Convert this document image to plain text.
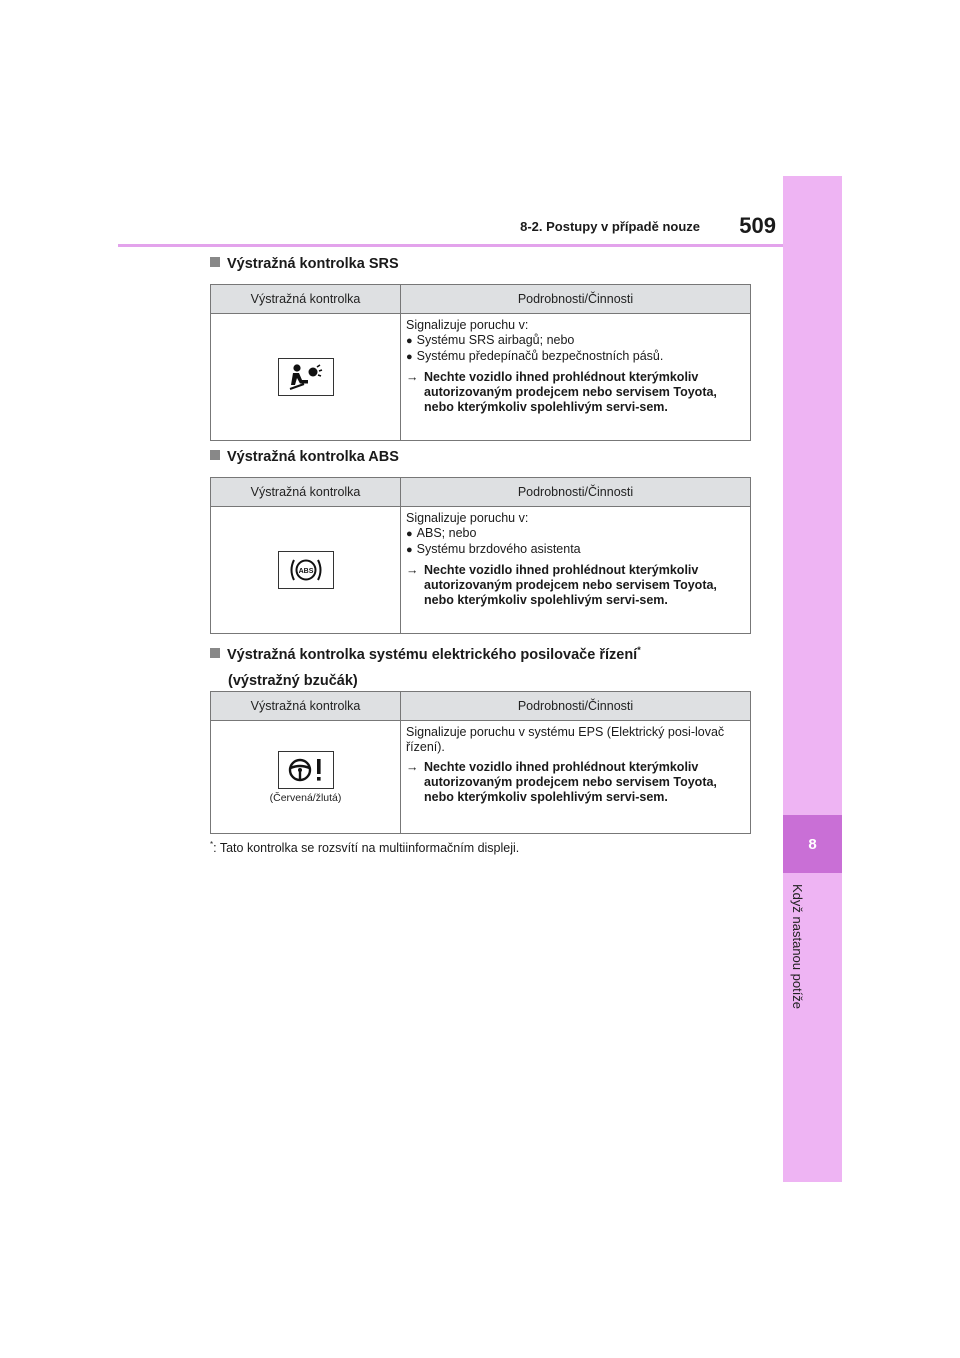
8
Když nastanou potíže
8-2. Postupy v případě nouze	509
Výstražná kontrolka SRS
Výstražná kontrolka	Podrobnosti/Činnosti

Signalizuje poruchu v:
● Systému SRS airbagů; nebo
● Systému předepínačů bezpečnostních pásů.
→ Nechte vozidlo ihned prohlédnout kterýmkoliv autorizovaným prodejcem nebo servisem Toyota, nebo kterýmkoliv spolehlivým servi-sem.
Výstražná kontrolka ABS
Výstražná kontrolka	Podrobnosti/Činnosti

ABS	Signalizuje poruchu v:
● ABS; nebo
● Systému brzdového asistenta
→ Nechte vozidlo ihned prohlédnout kterýmkoliv autorizovaným prodejcem nebo servisem Toyota, nebo kterýmkoliv spolehlivým servi-sem.
Výstražná kontrolka systému elektrického posilovače řízení*
(výstražný bzučák)
Výstražná kontrolka	Podrobnosti/Činnosti

(Červená/žlutá)	Signalizuje poruchu v systému EPS (Elektrický posi-lovač řízení).
→ Nechte vozidlo ihned prohlédnout kterýmkoliv autorizovaným prodejcem nebo servisem Toyota, nebo kterýmkoliv spolehlivým servi-sem.
*: Tato kontrolka se rozsvítí na multiinformačním displeji.
